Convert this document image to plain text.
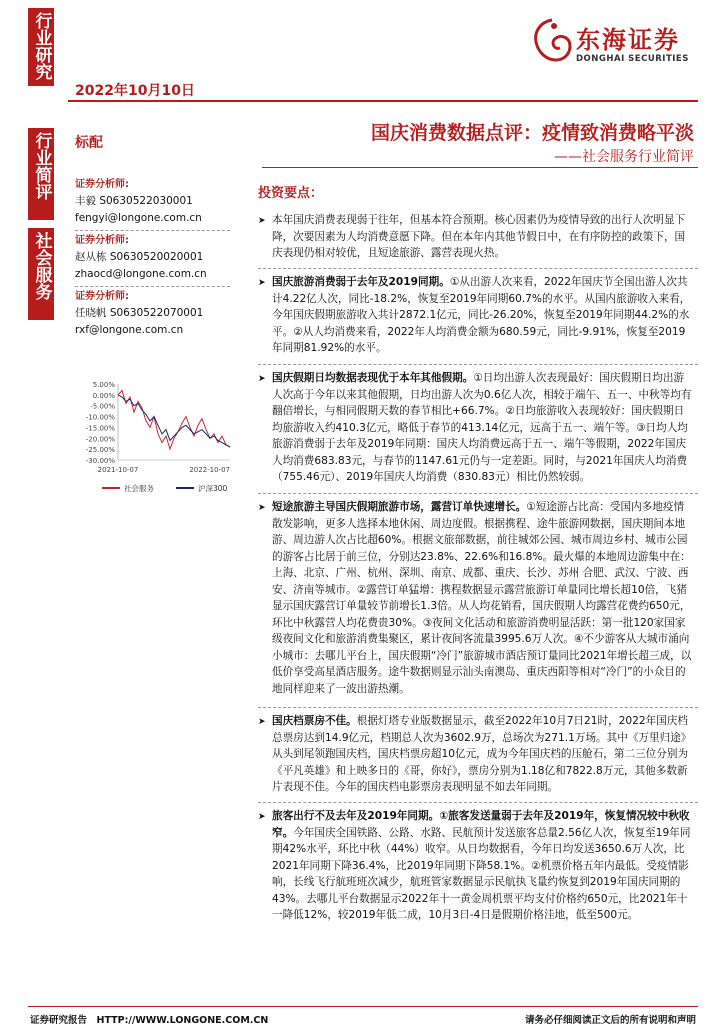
行业研究
2022年10月10日
东海证券
DONGHAI SECURITIES
行业简评
社会服务
标配
证券分析师:
丰毅 S0630522030001
fengyi@longone.com.cn
证券分析师:
赵从栋 S0630520020001
zhaocd@longone.com.cn
证券分析师:
任晓帆 S0630522070001
rxf@longone.com.cn
国庆消费数据点评：疫情致消费略平淡
——社会服务行业简评
投资要点：
5.00%
0.00%
-5.00%
-10.00%
-15.00%
-20.00%
-25.00%
-30.00%
2021-10-07	2022-10-07
社会服务	沪深300
➤ 本年国庆消费表现弱于往年，但基本符合预期。核心因素仍为疫情导致的出行人次明显下降，次要因素为人均消费意愿下降。但在本年内其他节假日中，在有序防控的政策下，国庆表现仍相对较优，且短途旅游、露营表现火热。
➤ 国庆旅游消费弱于去年及2019同期。①从出游人次来看，2022年国庆节全国出游人次共计4.22亿人次，同比-18.2%，恢复至2019年同期60.7%的水平。从国内旅游收入来看，今年国庆假期旅游收入共计2872.1亿元，同比-26.20%，恢复至2019年同期44.2%的水平。②从人均消费来看，2022年人均消费金额为680.59元，同比-9.91%，恢复至2019年同期81.92%的水平。
➤ 国庆假期日均数据表现优于本年其他假期。①日均出游人次表现最好：国庆假期日均出游人次高于今年以来其他假期，日均出游人次为0.6亿人次，相较于端午、五一、中秋等均有翻倍增长，与相同假期天数的春节相比+66.7%。②日均旅游收入表现较好：国庆假期日均旅游收入约410.3亿元，略低于春节的413.14亿元，远高于五一、端午等。③日均人均旅游消费弱于去年及2019年同期：国庆人均消费远高于五一、端午等假期，2022年国庆人均消费683.83元，与春节的1147.61元仍与一定差距。同时，与2021年国庆人均消费（755.46元）、2019年国庆人均消费（830.83元）相比仍然较弱。
➤ 短途旅游主导国庆假期旅游市场，露营订单快速增长。①短途游占比高：受国内多地疫情散发影响，更多人选择本地休闲、周边度假。根据携程、途牛旅游网数据，国庆期间本地游、周边游人次占比超60%。根据文旅部数据，前往城郊公园、城市周边乡村、城市公园的游客占比居于前三位，分别达23.8%、22.6%和16.8%。最火爆的本地周边游集中在：上海、北京、广州、杭州、深圳、南京、成都、重庆、长沙、苏州 合肥、武汉、宁波、西安、济南等城市。②露营订单猛增：携程数据显示露营旅游订单量同比增长超10倍，飞猪显示国庆露营订单量较节前增长1.3倍。从人均花销看，国庆假期人均露营花费约650元，环比中秋露营人均花费贵30%。③夜间文化活动和旅游消费明显活跃：第一批120家国家级夜间文化和旅游消费集聚区，累计夜间客流量3995.6万人次。④不少游客从大城市涌向小城市：去哪儿平台上，国庆假期“冷门”旅游城市酒店预订量同比2021年增长超三成，以低价享受高星酒店服务。途牛数据则显示汕头南澳岛、重庆西阳等相对“冷门”的小众目的地同样迎来了一波出游热潮。
➤ 国庆档票房不佳。根据灯塔专业版数据显示，截至2022年10月7日21时，2022年国庆档总票房达到14.9亿元，档期总人次为3602.9万，总场次为271.1万场。其中《万里归途》从头到尾领跑国庆档，国庆档票房超10亿元，成为今年国庆档的压舱石，第二三位分别为《平凡英雄》和上映多日的《哥，你好》，票房分别为1.18亿和7822.8万元，其他多数新片表现不佳。今年的国庆档电影票房表现明显不如去年同期。
➤ 旅客出行不及去年及2019年同期。①旅客发送量弱于去年及2019年，恢复情况较中秋收窄。今年国庆全国铁路、公路、水路、民航预计发送旅客总量2.56亿人次，恢复至19年同期42%水平，环比中秋（44%）收窄。从日均数据看，今年日均发送3650.6万人次，比2021年同期下降36.4%，比2019年同期下降58.1%。②机票价格五年内最低。受疫情影响，长线飞行航班班次减少，航班管家数据显示民航执飞量约恢复到2019年国庆同期的43%。去哪儿平台数据显示2022年十一黄金周机票平均支付价格约650元，比2021年十一降低12%，较2019年低二成，10月3日-4日是假期价格洼地，低至500元。
证券研究报告　HTTP://WWW.LONGONE.COM.CN	请务必仔细阅读正文后的所有说明和声明
